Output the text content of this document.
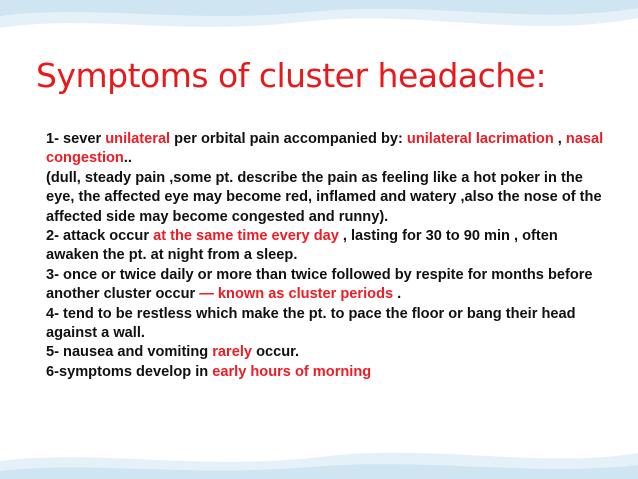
Symptoms of cluster headache:

1- sever unilateral per orbital pain accompanied by: unilateral lacrimation , nasal congestion..

(dull, steady pain ,some pt. describe the pain as feeling like a hot poker in the eye, the affected eye may become red, inflamed and watery ,also the nose of the affected side may become congested and runny).

2- attack occur at the same time every day , lasting for 30 to 90 min , often awaken the pt. at night from a sleep.

3- once or twice daily or more than twice followed by respite for months before another cluster occur — known as cluster periods .

4- tend to be restless which make the pt. to pace the floor or bang their head against a wall.

5- nausea and vomiting rarely occur.

6-symptoms develop in early hours of morning
